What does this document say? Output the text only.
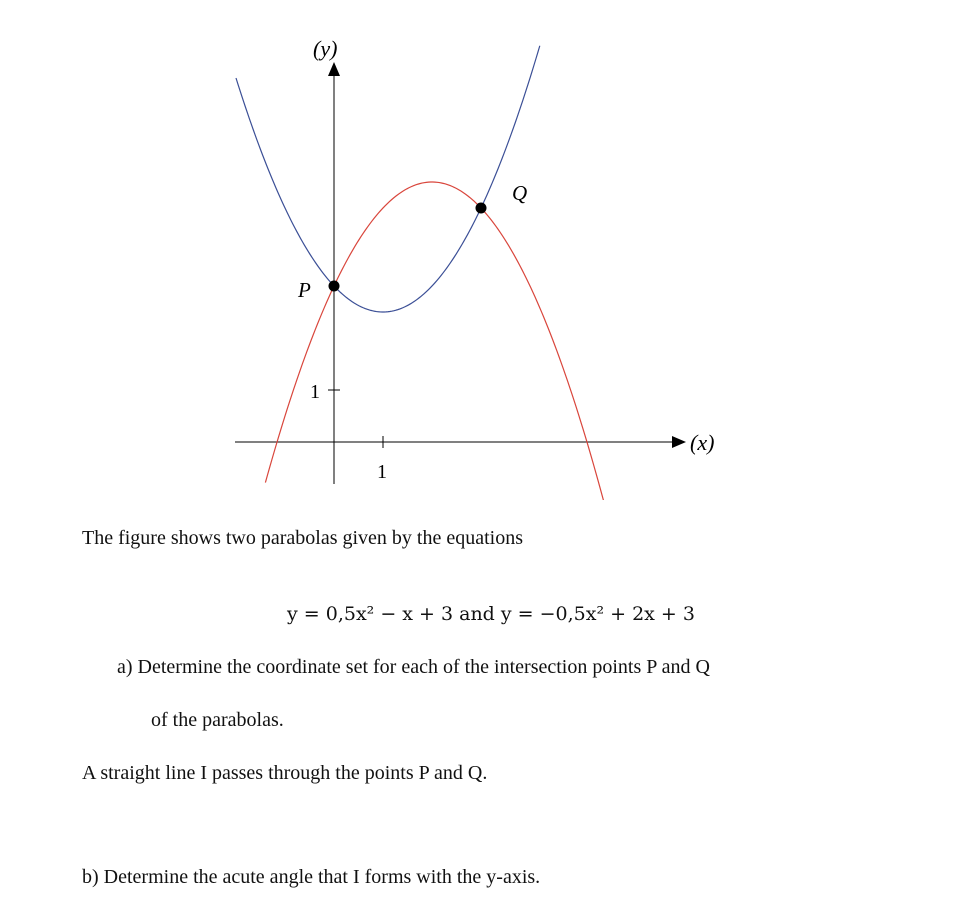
(y)
(x)
1
1
P
Q
The figure shows two parabolas given by the equations
y = 0,5x² − x + 3 and y = −0,5x² + 2x + 3
a) Determine the coordinate set for each of the intersection points P and Q
of the parabolas.
A straight line I passes through the points P and Q.
b) Determine the acute angle that I forms with the y-axis.
